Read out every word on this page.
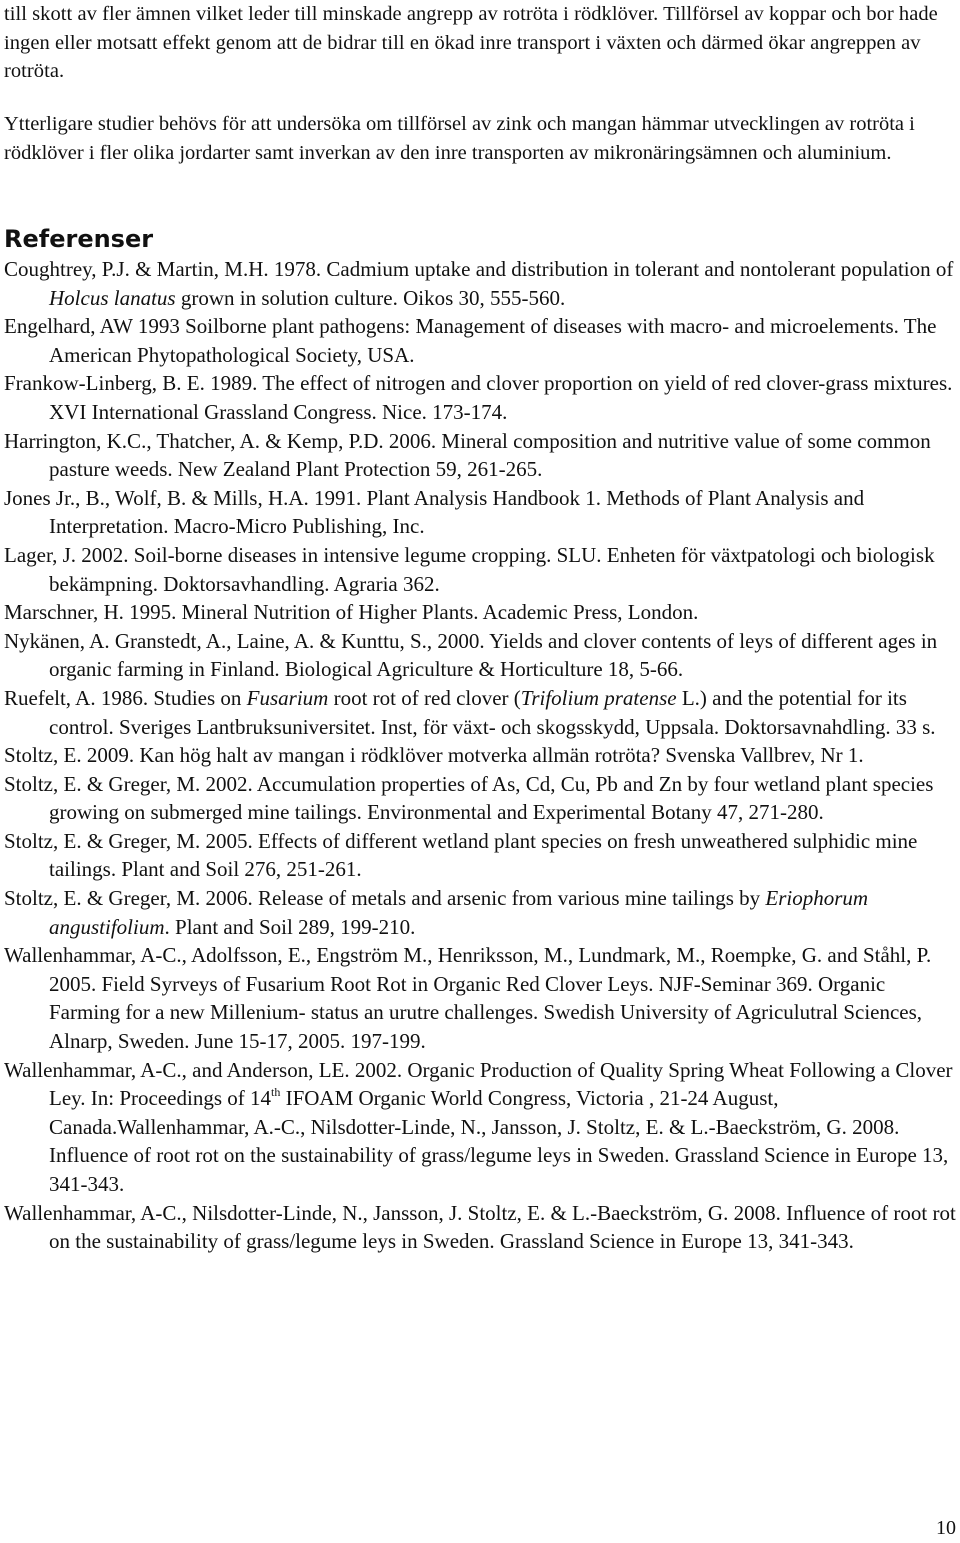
till skott av fler ämnen vilket leder till minskade angrepp av rotröta i rödklöver. Tillförsel av koppar och bor hade ingen eller motsatt effekt genom att de bidrar till en ökad inre transport i växten och därmed ökar angreppen av rotröta.

Ytterligare studier behövs för att undersöka om tillförsel av zink och mangan hämmar utvecklingen av rotröta i rödklöver i fler olika jordarter samt inverkan av den inre transporten av mikronäringsämnen och aluminium.

Referenser
Coughtrey, P.J. & Martin, M.H. 1978. Cadmium uptake and distribution in tolerant and nontolerant population of Holcus lanatus grown in solution culture. Oikos 30, 555-560.
Engelhard, AW 1993 Soilborne plant pathogens: Management of diseases with macro- and microelements. The American Phytopathological Society, USA.
Frankow-Linberg, B. E. 1989. The effect of nitrogen and clover proportion on yield of red clover-grass mixtures. XVI International Grassland Congress. Nice. 173-174.
Harrington, K.C., Thatcher, A. & Kemp, P.D. 2006. Mineral composition and nutritive value of some common pasture weeds. New Zealand Plant Protection 59, 261-265.
Jones Jr., B., Wolf, B. & Mills, H.A. 1991. Plant Analysis Handbook 1. Methods of Plant Analysis and Interpretation. Macro-Micro Publishing, Inc.
Lager, J. 2002. Soil-borne diseases in intensive legume cropping. SLU. Enheten för växtpatologi och biologisk bekämpning. Doktorsavhandling. Agraria 362.
Marschner, H. 1995. Mineral Nutrition of Higher Plants. Academic Press, London.
Nykänen, A. Granstedt, A., Laine, A. & Kunttu, S., 2000. Yields and clover contents of leys of different ages in organic farming in Finland. Biological Agriculture & Horticulture 18, 5-66.
Ruefelt, A. 1986. Studies on Fusarium root rot of red clover (Trifolium pratense L.) and the potential for its control. Sveriges Lantbruksuniversitet. Inst, för växt- och skogsskydd, Uppsala. Doktorsavnahdling. 33 s.
Stoltz, E. 2009. Kan hög halt av mangan i rödklöver motverka allmän rotröta? Svenska Vallbrev, Nr 1.
Stoltz, E. & Greger, M. 2002. Accumulation properties of As, Cd, Cu, Pb and Zn by four wetland plant species growing on submerged mine tailings. Environmental and Experimental Botany 47, 271-280.
Stoltz, E. & Greger, M. 2005. Effects of different wetland plant species on fresh unweathered sulphidic mine tailings. Plant and Soil 276, 251-261.
Stoltz, E. & Greger, M. 2006. Release of metals and arsenic from various mine tailings by Eriophorum angustifolium. Plant and Soil 289, 199-210.
Wallenhammar, A-C., Adolfsson, E., Engström M., Henriksson, M., Lundmark, M., Roempke, G. and Ståhl, P. 2005. Field Syrveys of Fusarium Root Rot in Organic Red Clover Leys. NJF-Seminar 369. Organic Farming for a new Millenium- status an urutre challenges. Swedish University of Agriculutral Sciences, Alnarp, Sweden. June 15-17, 2005. 197-199.
Wallenhammar, A-C., and Anderson, LE. 2002. Organic Production of Quality Spring Wheat Following a Clover Ley. In: Proceedings of 14th IFOAM Organic World Congress, Victoria , 21-24 August, Canada.Wallenhammar, A.-C., Nilsdotter-Linde, N., Jansson, J. Stoltz, E. & L.-Baeckström, G. 2008. Influence of root rot on the sustainability of grass/legume leys in Sweden. Grassland Science in Europe 13, 341-343.
Wallenhammar, A-C., Nilsdotter-Linde, N., Jansson, J. Stoltz, E. & L.-Baeckström, G. 2008. Influence of root rot on the sustainability of grass/legume leys in Sweden. Grassland Science in Europe 13, 341-343.
10
